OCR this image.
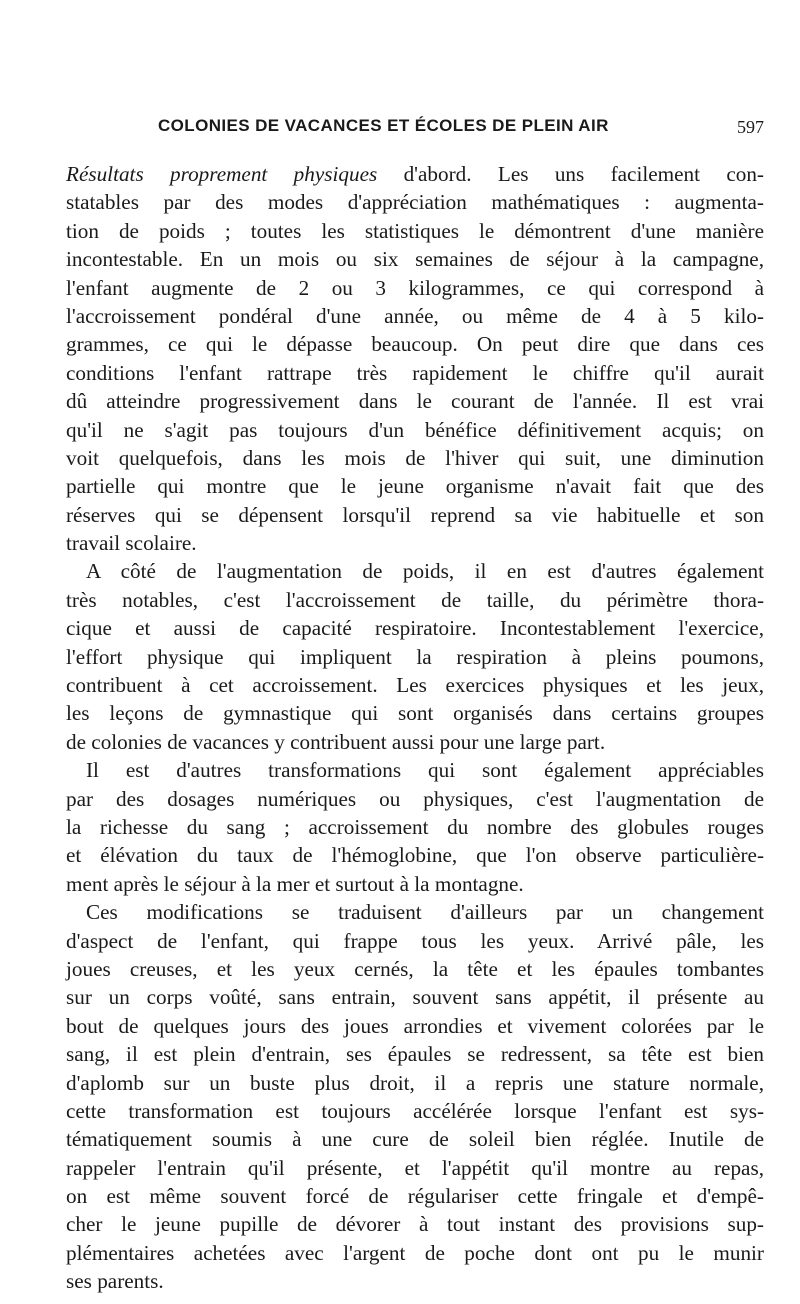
COLONIES DE VACANCES ET ÉCOLES DE PLEIN AIR	597
Résultats proprement physiques d'abord. Les uns facilement con-
statables par des modes d'appréciation mathématiques : augmenta-
tion de poids ; toutes les statistiques le démontrent d'une manière
incontestable. En un mois ou six semaines de séjour à la campagne,
l'enfant augmente de 2 ou 3 kilogrammes, ce qui correspond à
l'accroissement pondéral d'une année, ou même de 4 à 5 kilo-
grammes, ce qui le dépasse beaucoup. On peut dire que dans ces
conditions l'enfant rattrape très rapidement le chiffre qu'il aurait
dû atteindre progressivement dans le courant de l'année. Il est vrai
qu'il ne s'agit pas toujours d'un bénéfice définitivement acquis; on
voit quelquefois, dans les mois de l'hiver qui suit, une diminution
partielle qui montre que le jeune organisme n'avait fait que des
réserves qui se dépensent lorsqu'il reprend sa vie habituelle et son
travail scolaire.
A côté de l'augmentation de poids, il en est d'autres également
très notables, c'est l'accroissement de taille, du périmètre thora-
cique et aussi de capacité respiratoire. Incontestablement l'exercice,
l'effort physique qui impliquent la respiration à pleins poumons,
contribuent à cet accroissement. Les exercices physiques et les jeux,
les leçons de gymnastique qui sont organisés dans certains groupes
de colonies de vacances y contribuent aussi pour une large part.
Il est d'autres transformations qui sont également appréciables
par des dosages numériques ou physiques, c'est l'augmentation de
la richesse du sang ; accroissement du nombre des globules rouges
et élévation du taux de l'hémoglobine, que l'on observe particulière-
ment après le séjour à la mer et surtout à la montagne.
Ces modifications se traduisent d'ailleurs par un changement
d'aspect de l'enfant, qui frappe tous les yeux. Arrivé pâle, les
joues creuses, et les yeux cernés, la tête et les épaules tombantes
sur un corps voûté, sans entrain, souvent sans appétit, il présente au
bout de quelques jours des joues arrondies et vivement colorées par le
sang, il est plein d'entrain, ses épaules se redressent, sa tête est bien
d'aplomb sur un buste plus droit, il a repris une stature normale,
cette transformation est toujours accélérée lorsque l'enfant est sys-
tématiquement soumis à une cure de soleil bien réglée. Inutile de
rappeler l'entrain qu'il présente, et l'appétit qu'il montre au repas,
on est même souvent forcé de régulariser cette fringale et d'empê-
cher le jeune pupille de dévorer à tout instant des provisions sup-
plémentaires achetées avec l'argent de poche dont ont pu le munir
ses parents.
